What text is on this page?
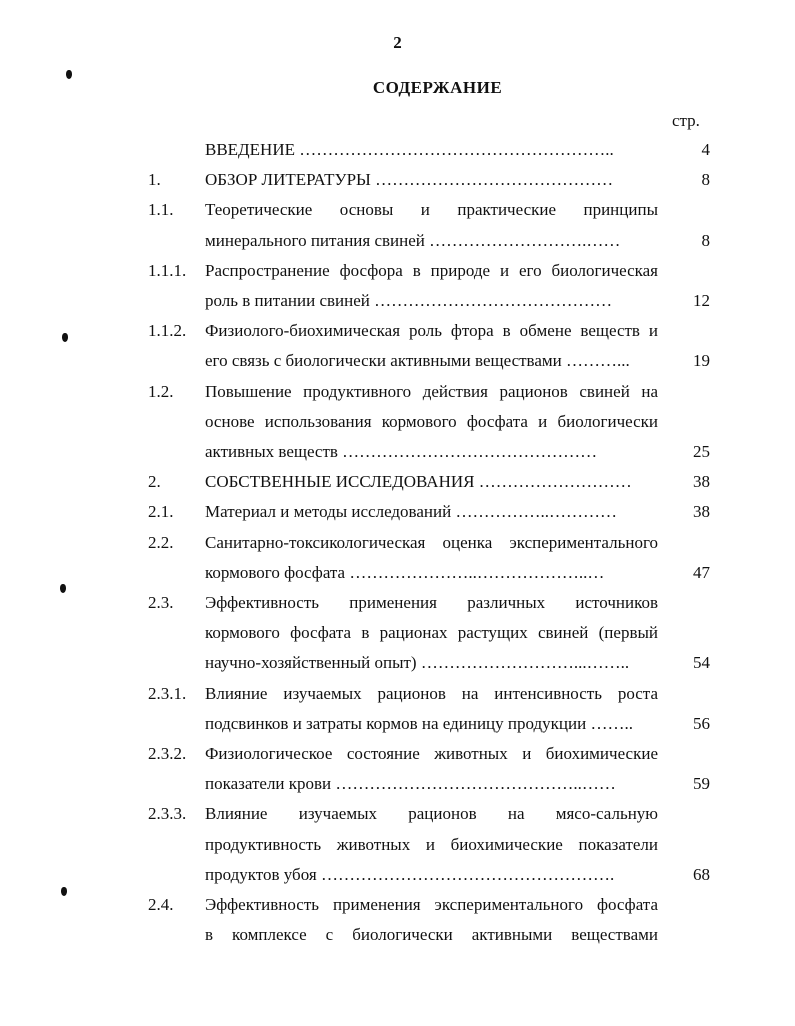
2
СОДЕРЖАНИЕ
стр.
ВВЕДЕНИЕ ………………………………………………..	4
1.	ОБЗОР ЛИТЕРАТУРЫ ……………………………………	8
1.1. Теоретические основы и практические принципы
минерального питания свиней ……………………….……	8
1.1.1. Распространение фосфора в природе и его биологическая
роль в питании свиней ……………………………………	12
1.1.2. Физиолого-биохимическая роль фтора в обмене веществ и
его связь с биологически активными веществами ………...	19
1.2. Повышение продуктивного действия рационов свиней на
основе использования кормового фосфата и биологически
активных веществ ………………………………………	25
2.	СОБСТВЕННЫЕ ИССЛЕДОВАНИЯ ………………………	38
2.1. Материал и методы исследований ……………..…………	38
2.2. Санитарно-токсикологическая оценка экспериментального
кормового фосфата …………………..………………..…	47
2.3. Эффективность применения различных источников
кормового фосфата в рационах растущих свиней (первый
научно-хозяйственный опыт) ………………………...……..	54
2.3.1. Влияние изучаемых рационов на интенсивность роста
подсвинков и затраты кормов на единицу продукции ……..	56
2.3.2. Физиологическое состояние животных и биохимические
показатели крови ……………………………………..……	59
2.3.3. Влияние изучаемых рационов на мясо-сальную
продуктивность животных и биохимические показатели
продуктов убоя …………………………………………….	68
2.4. Эффективность применения экспериментального фосфата
в комплексе с биологически активными веществами
